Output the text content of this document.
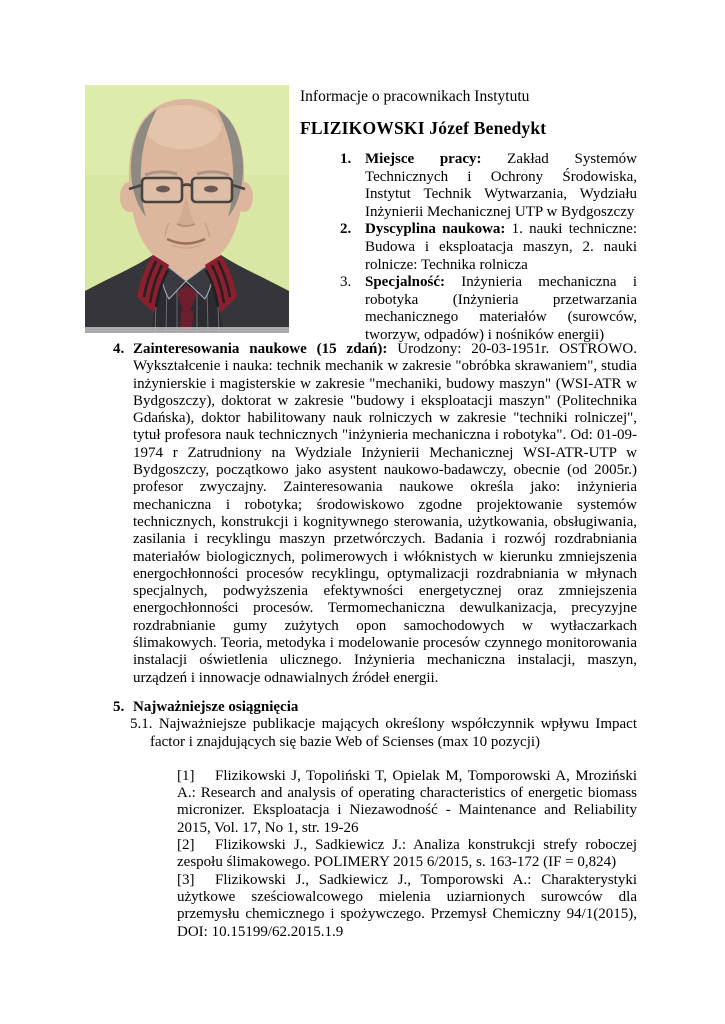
Informacje o pracownikach Instytutu
FLIZIKOWSKI Józef Benedykt
1. Miejsce pracy: Zakład Systemów Technicznych i Ochrony Środowiska, Instytut Technik Wytwarzania, Wydziału Inżynierii Mechanicznej UTP w Bydgoszczy
2. Dyscyplina naukowa: 1. nauki techniczne: Budowa i eksploatacja maszyn, 2. nauki rolnicze: Technika rolnicza
3. Specjalność: Inżynieria mechaniczna i robotyka (Inżynieria przetwarzania mechanicznego materiałów (surowców, tworzyw, odpadów) i nośników energii)
4. Zainteresowania naukowe (15 zdań): Urodzony: 20-03-1951r. OSTROWO. Wykształcenie i nauka: technik mechanik w zakresie "obróbka skrawaniem", studia inżynierskie i magisterskie w zakresie "mechaniki, budowy maszyn" (WSI-ATR w Bydgoszczy), doktorat w zakresie "budowy i eksploatacji maszyn" (Politechnika Gdańska), doktor habilitowany nauk rolniczych w zakresie "techniki rolniczej", tytuł profesora nauk technicznych "inżynieria mechaniczna i robotyka". Od: 01-09-1974 r Zatrudniony na Wydziale Inżynierii Mechanicznej WSI-ATR-UTP w Bydgoszczy, początkowo jako asystent naukowo-badawczy, obecnie (od 2005r.) profesor zwyczajny. Zainteresowania naukowe określa jako: inżynieria mechaniczna i robotyka; środowiskowo zgodne projektowanie systemów technicznych, konstrukcji i kognitywnego sterowania, użytkowania, obsługiwania, zasilania i recyklingu maszyn przetwórczych. Badania i rozwój rozdrabniania materiałów biologicznych, polimerowych i włóknistych w kierunku zmniejszenia energochłonności procesów recyklingu, optymalizacji rozdrabniania w młynach specjalnych, podwyższenia efektywności energetycznej oraz zmniejszenia energochłonności procesów. Termomechaniczna dewulkanizacja, precyzyjne rozdrabnianie gumy zużytych opon samochodowych w wytłaczarkach ślimakowych. Teoria, metodyka i modelowanie procesów czynnego monitorowania instalacji oświetlenia ulicznego. Inżynieria mechaniczna instalacji, maszyn, urządzeń i innowacje odnawialnych źródeł energii.
5. Najważniejsze osiągnięcia
5.1. Najważniejsze publikacje mających określony współczynnik wpływu Impact factor i znajdujących się bazie Web of Scienses (max 10 pozycji)
[1] Flizikowski J, Topoliński T, Opielak M, Tomporowski A, Mroziński A.: Research and analysis of operating characteristics of energetic biomass micronizer. Eksploatacja i Niezawodność - Maintenance and Reliability 2015, Vol. 17, No 1, str. 19-26
[2] Flizikowski J., Sadkiewicz J.: Analiza konstrukcji strefy roboczej zespołu ślimakowego. POLIMERY 2015 6/2015, s. 163-172 (IF = 0,824)
[3] Flizikowski J., Sadkiewicz J., Tomporowski A.: Charakterystyki użytkowe sześciowalcowego mielenia uziarnionych surowców dla przemysłu chemicznego i spożywczego. Przemysł Chemiczny 94/1(2015), DOI: 10.15199/62.2015.1.9
